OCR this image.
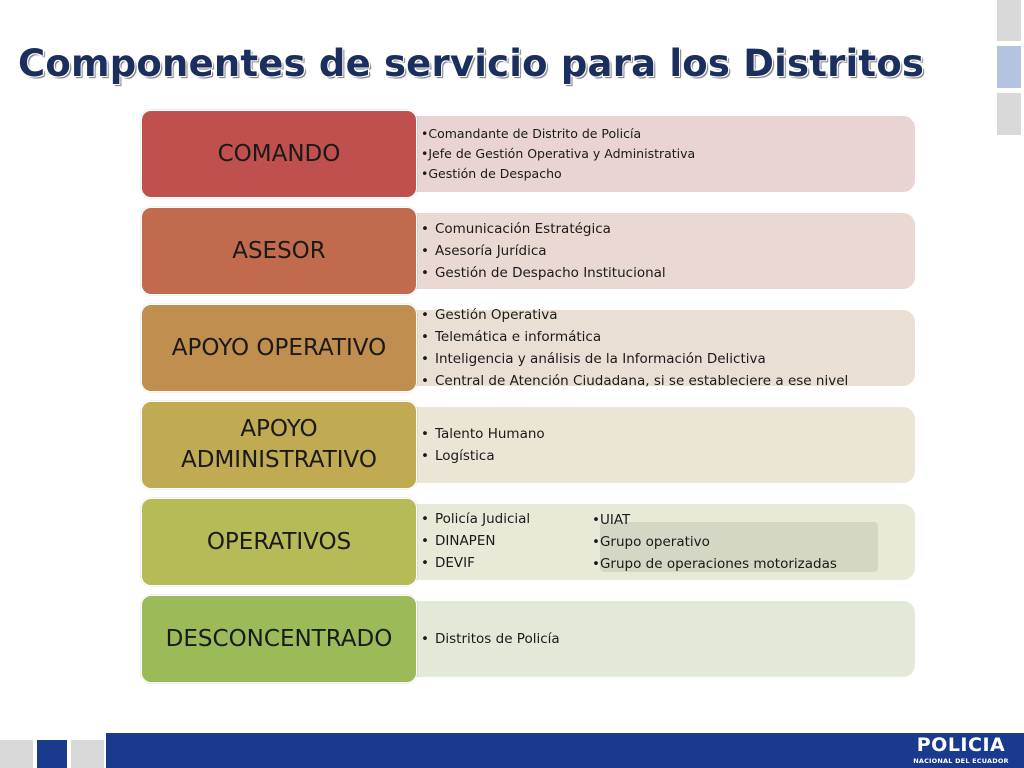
Componentes de servicio para los Distritos
COMANDO
•Comandante de Distrito de Policía
•Jefe de Gestión Operativa y Administrativa
•Gestión de Despacho
ASESOR
• Comunicación Estratégica
• Asesoría Jurídica
• Gestión de Despacho Institucional
APOYO OPERATIVO
• Gestión Operativa
• Telemática e informática
• Inteligencia y análisis de la Información Delictiva
• Central de Atención Ciudadana, si se estableciere a ese nivel
APOYO
ADMINISTRATIVO
• Talento Humano
• Logística
OPERATIVOS
• Policía Judicial
• DINAPEN
• DEVIF
•UIAT
•Grupo operativo
•Grupo de operaciones motorizadas
DESCONCENTRADO • Distritos de Policía
POLICIA
NACIONAL DEL ECUADOR
